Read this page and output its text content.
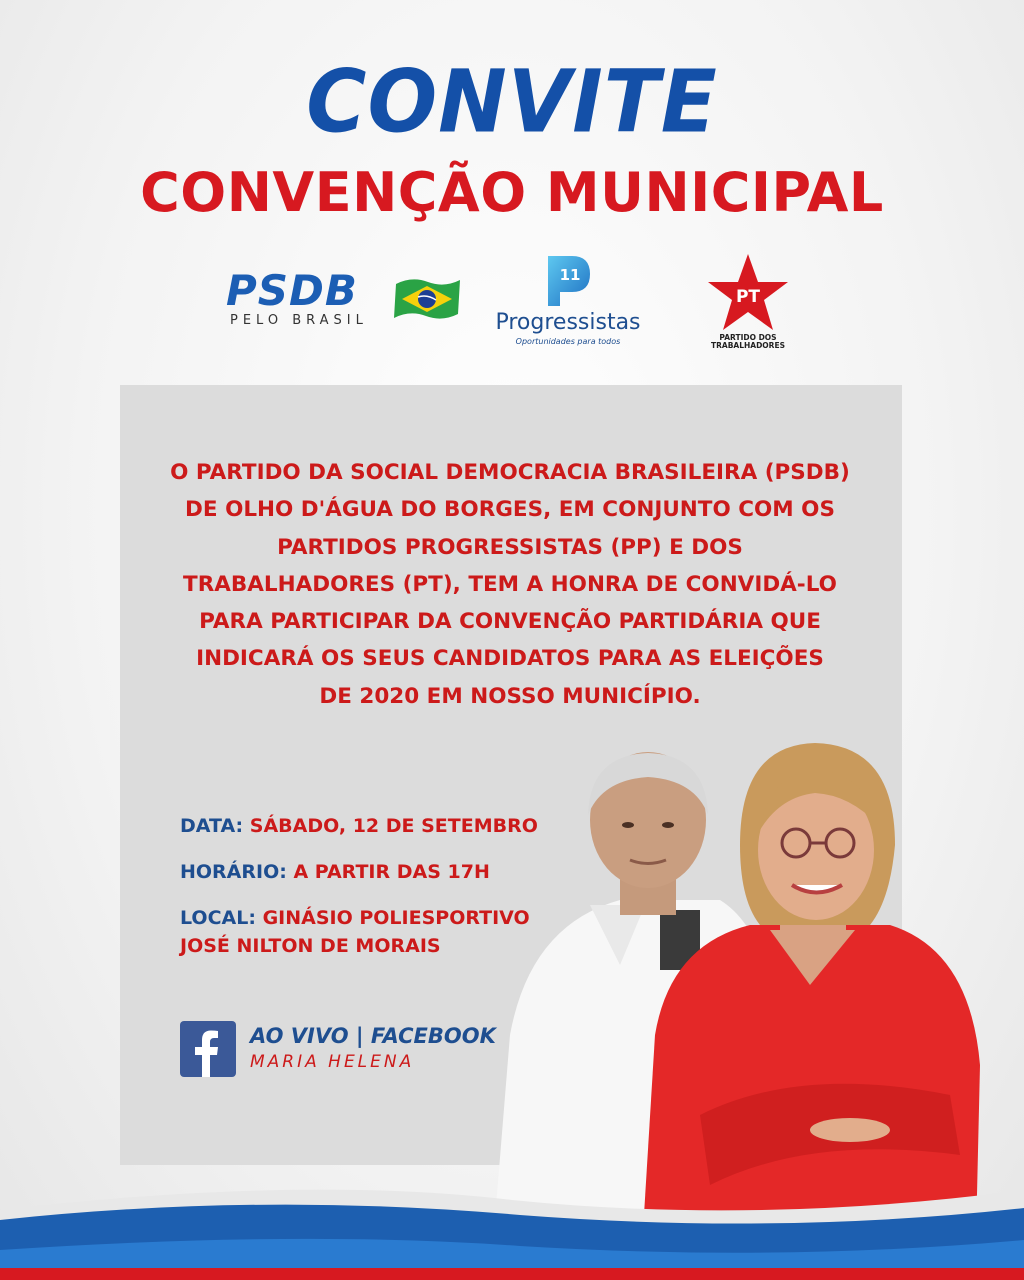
CONVITE
CONVENÇÃO MUNICIPAL
PSDB
PELO BRASIL
11
Progressistas
Oportunidades para todos
PT
PARTIDO DOS TRABALHADORES
O PARTIDO DA SOCIAL DEMOCRACIA BRASILEIRA (PSDB)
DE OLHO D'ÁGUA DO BORGES, EM CONJUNTO COM OS
PARTIDOS PROGRESSISTAS (PP) E DOS
TRABALHADORES (PT), TEM A HONRA DE CONVIDÁ-LO
PARA PARTICIPAR DA CONVENÇÃO PARTIDÁRIA QUE
INDICARÁ OS SEUS CANDIDATOS PARA AS ELEIÇÕES
DE 2020 EM NOSSO MUNICÍPIO.
DATA: SÁBADO, 12 DE SETEMBRO
HORÁRIO: A PARTIR DAS 17H
LOCAL: GINÁSIO POLIESPORTIVO
JOSÉ NILTON DE MORAIS
AO VIVO | FACEBOOK
MARIA HELENA
